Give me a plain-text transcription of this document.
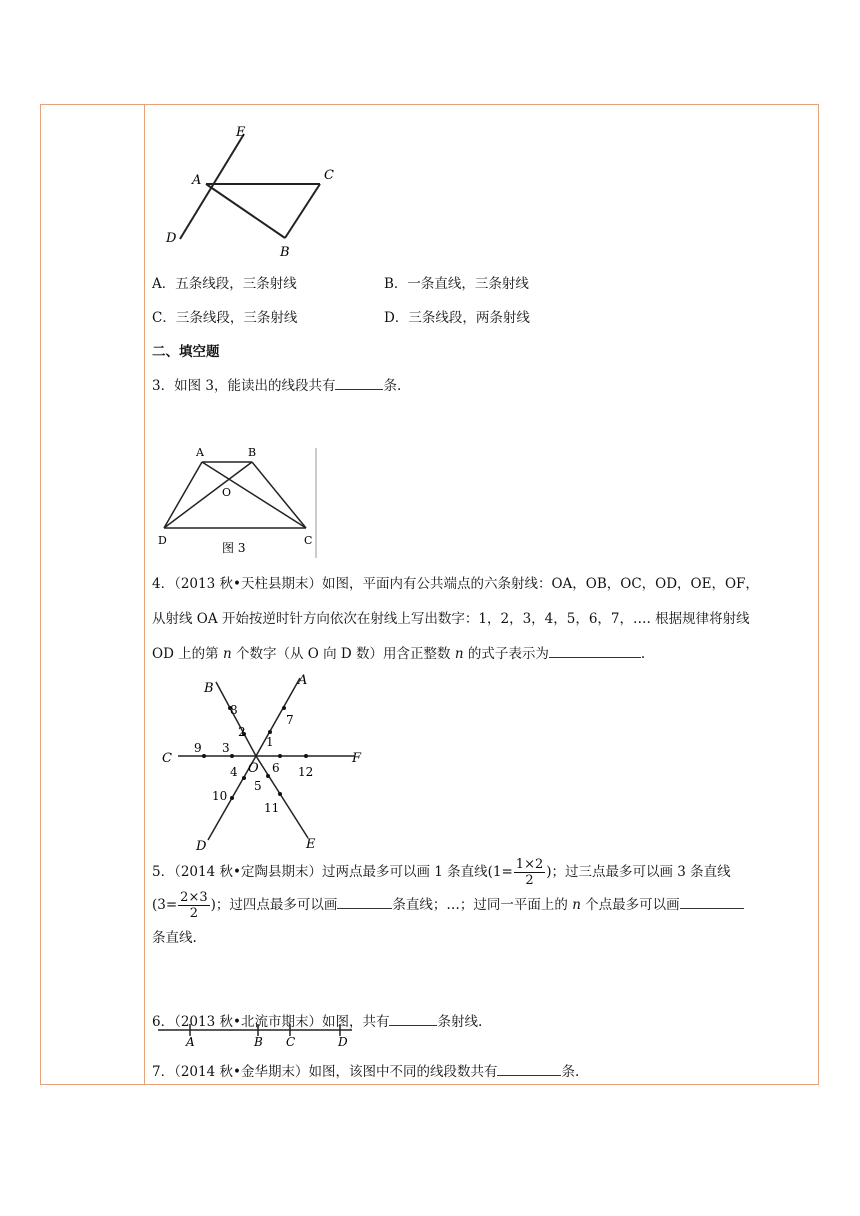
E
A	C
D
B
A．五条线段，三条射线	B．一条直线，三条射线
C．三条线段，三条射线	D．三条线段，两条射线
二、填空题
3．如图 3，能读出的线段共有	条.
A	B
O
D	C
图 3
4．（2013 秋•天柱县期末）如图，平面内有公共端点的六条射线：OA，OB，OC，OD，OE，OF，
从射线 OA 开始按逆时针方向依次在射线上写出数字：1，2，3，4，5，6，7，…. 根据规律将射线
OD 上的第 n 个数字（从 O 向 D 数）用含正整数 n 的式子表示为	.
A
B
C
D	E
F
O
1
2
3
4
5
6
7
8
9
10
11
12
5．（2014 秋•定陶县期末）过两点最多可以画 1 条直线($1= \frac{1\times 2}{2}$ )；过三点最多可以画 3 条直线
($3= \frac{2\times 3}{2}$ )；过四点最多可以画	条直线；…；过同一平面上的 n 个点最多可以画
条直线.
6．（2013 秋•北流市期末）如图，共有	条射线.
A	B C	D
7．（2014 秋•金华期末）如图，该图中不同的线段数共有	条.
